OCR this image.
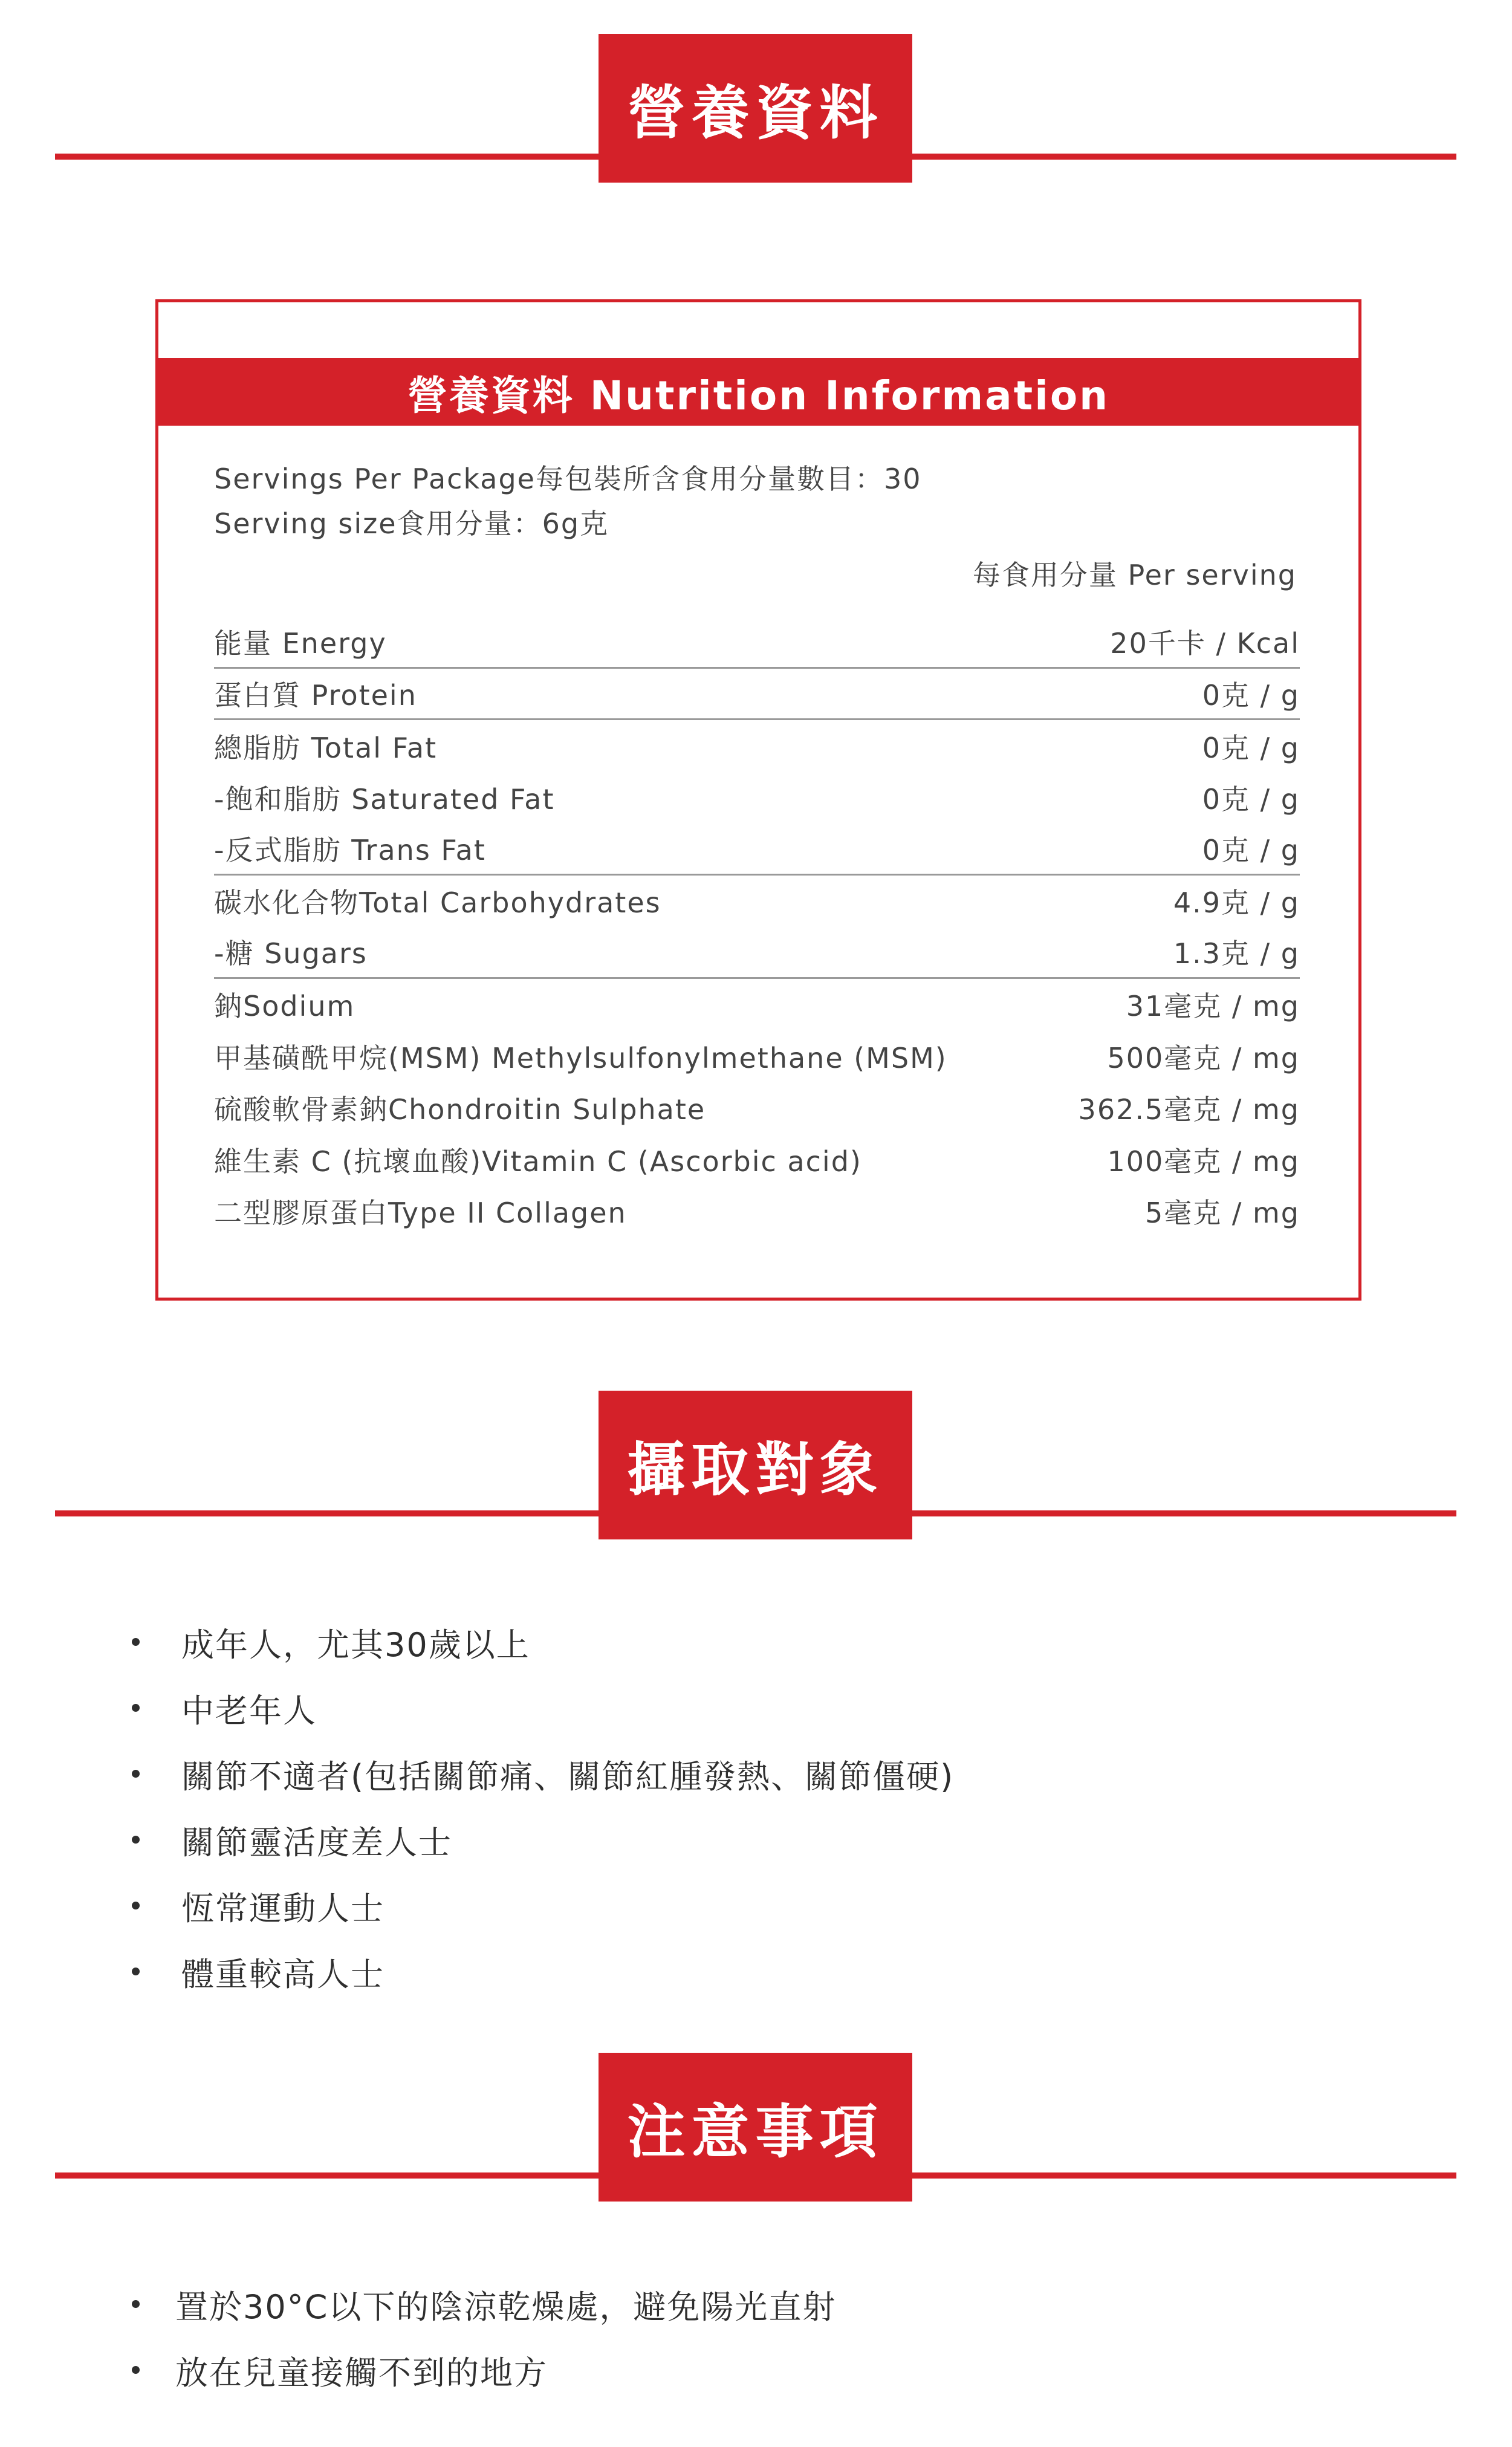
營養資料
營養資料 Nutrition Information
Servings Per Package每包裝所含食用分量數目：30
Serving size食用分量：6g克
每食用分量 Per serving
能量 Energy	20千卡 / Kcal
蛋白質 Protein	0克 / g
總脂肪 Total Fat	0克 / g
-飽和脂肪 Saturated Fat	0克 / g
-反式脂肪 Trans Fat	0克 / g
碳水化合物Total Carbohydrates	4.9克 / g
-糖 Sugars	1.3克 / g
鈉Sodium	31毫克 / mg
甲基磺酰甲烷(MSM) Methylsulfonylmethane (MSM)	500毫克 / mg
硫酸軟骨素鈉Chondroitin Sulphate	362.5毫克 / mg
維生素 C (抗壞血酸)Vitamin C (Ascorbic acid)	100毫克 / mg
二型膠原蛋白Type II Collagen	5毫克 / mg
攝取對象
成年人，尤其30歲以上
中老年人
關節不適者(包括關節痛、關節紅腫發熱、關節僵硬)
關節靈活度差人士
恆常運動人士
體重較高人士
注意事項
置於30°C以下的陰涼乾燥處，避免陽光直射
放在兒童接觸不到的地方
